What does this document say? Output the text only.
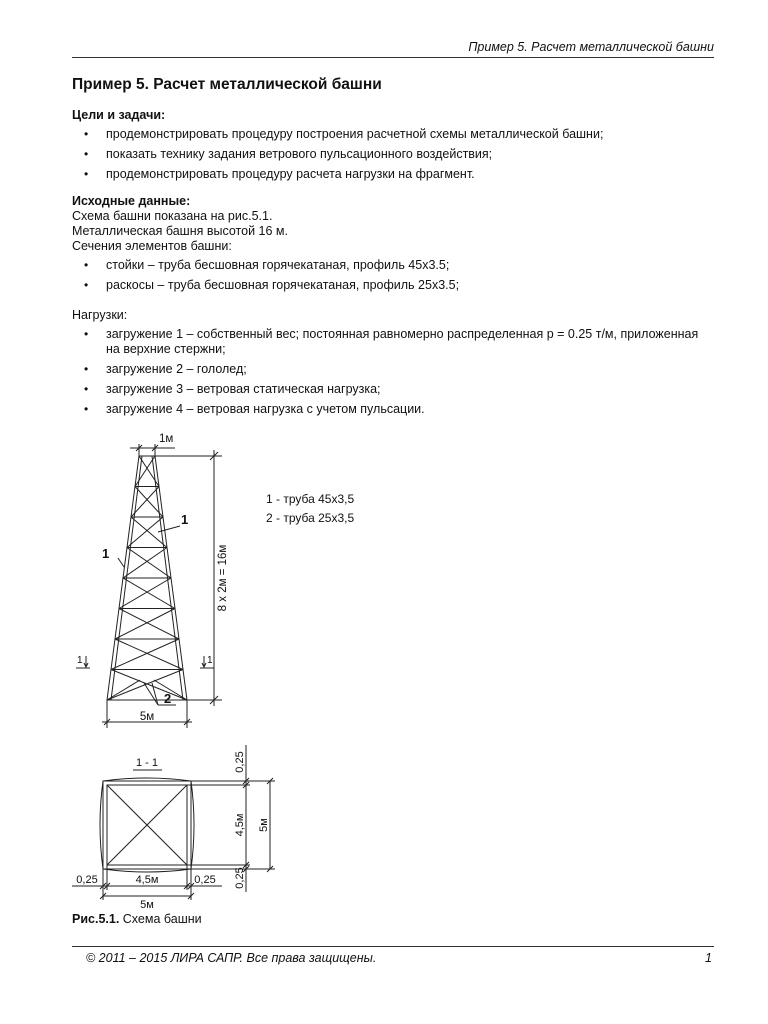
Пример 5. Расчет металлической башни
Пример 5. Расчет металлической башни

Цели и задачи:

• продемонстрировать процедуру построения расчетной схемы металлической башни;
• показать технику задания ветрового пульсационного воздействия;
• продемонстрировать процедуру расчета нагрузки на фрагмент.

Исходные данные:

Схема башни показана на рис.5.1.

Металлическая башня высотой 16 м.

Сечения элементов башни:

• стойки – труба бесшовная горячекатаная, профиль 45x3.5;
• раскосы – труба бесшовная горячекатаная, профиль 25x3.5;

Нагрузки:

• загружение 1 – собственный вес; постоянная равномерно распределенная p = 0.25 т/м, приложенная на верхние стержни;
• загружение 2 – гололед;
• загружение 3 – ветровая статическая нагрузка;
• загружение 4 – ветровая нагрузка с учетом пульсации.
1м
8 x 2м = 16м
5м
1
1
2
1	1
1 - труба 45x3,5
2 - труба 25x3,5
1 - 1
0,25	4,5м	0,25
5м
0,25
4,5м
0,25
5м
Рис.5.1. Схема башни
© 2011 – 2015 ЛИРА САПР. Все права защищены.	1
